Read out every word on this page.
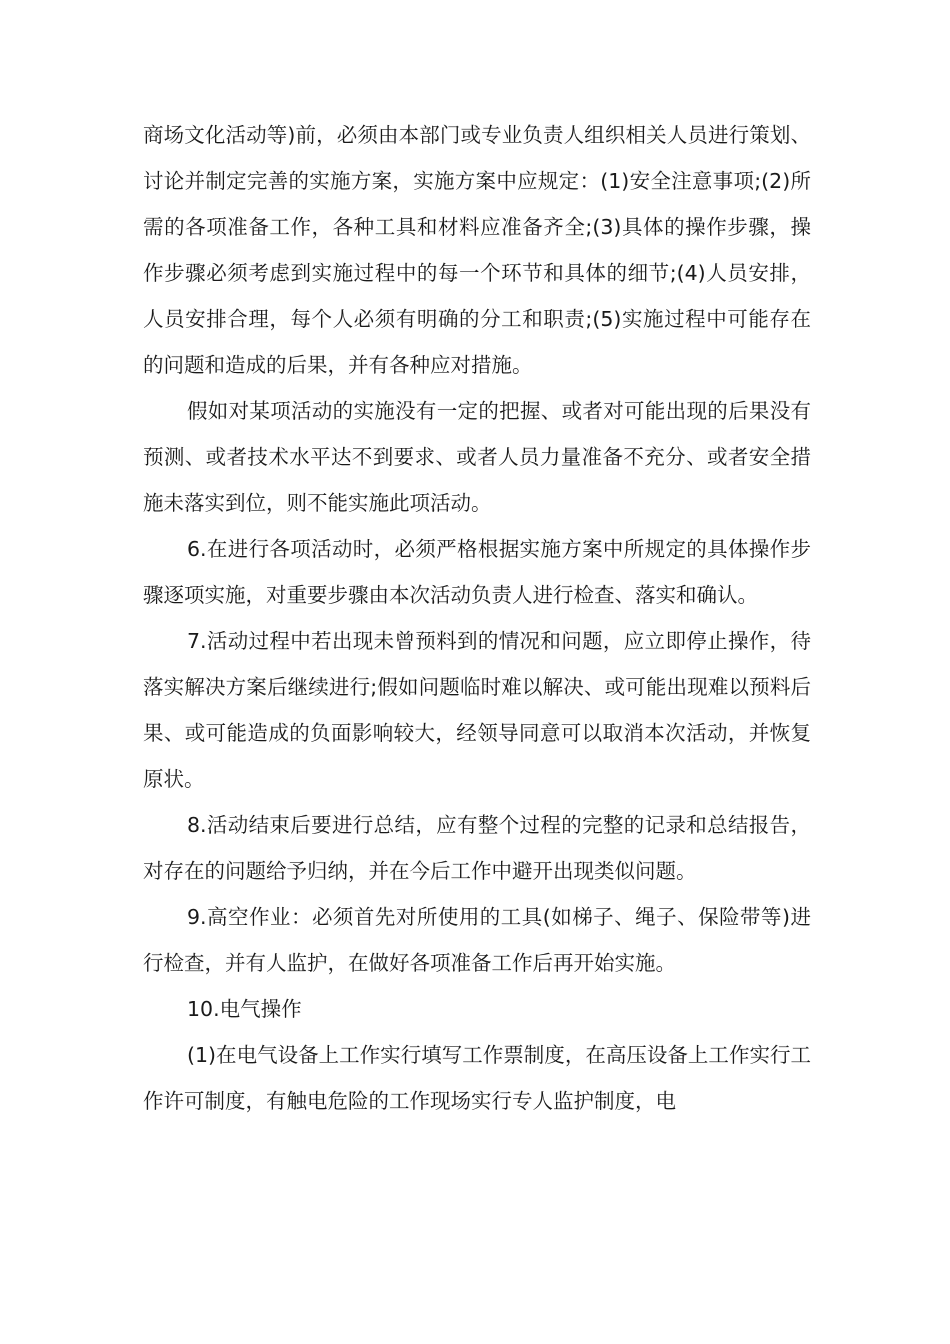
商场文化活动等)前，必须由本部门或专业负责人组织相关人员进行策划、讨论并制定完善的实施方案，实施方案中应规定：(1)安全注意事项;(2)所需的各项准备工作，各种工具和材料应准备齐全;(3)具体的操作步骤，操作步骤必须考虑到实施过程中的每一个环节和具体的细节;(4)人员安排，人员安排合理，每个人必须有明确的分工和职责;(5)实施过程中可能存在的问题和造成的后果，并有各种应对措施。

假如对某项活动的实施没有一定的把握、或者对可能出现的后果没有预测、或者技术水平达不到要求、或者人员力量准备不充分、或者安全措施未落实到位，则不能实施此项活动。

6.在进行各项活动时，必须严格根据实施方案中所规定的具体操作步骤逐项实施，对重要步骤由本次活动负责人进行检查、落实和确认。

7.活动过程中若出现未曾预料到的情况和问题，应立即停止操作，待落实解决方案后继续进行;假如问题临时难以解决、或可能出现难以预料后果、或可能造成的负面影响较大，经领导同意可以取消本次活动，并恢复原状。

8.活动结束后要进行总结，应有整个过程的完整的记录和总结报告，对存在的问题给予归纳，并在今后工作中避开出现类似问题。

9.高空作业：必须首先对所使用的工具(如梯子、绳子、保险带等)进行检查，并有人监护，在做好各项准备工作后再开始实施。

10.电气操作

(1)在电气设备上工作实行填写工作票制度，在高压设备上工作实行工作许可制度，有触电危险的工作现场实行专人监护制度，电
